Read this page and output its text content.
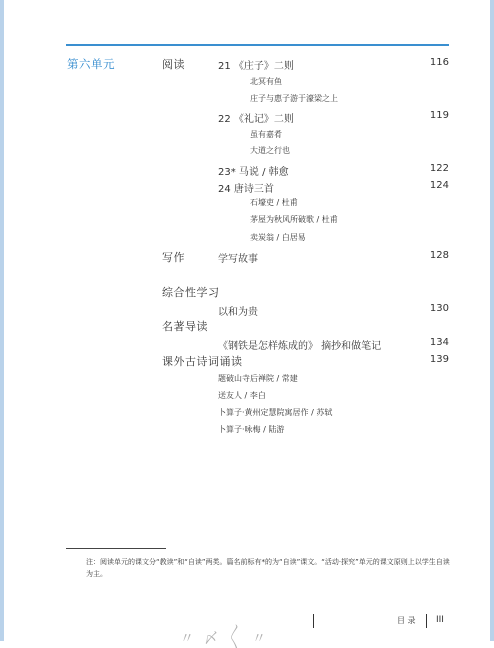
第六单元	阅读	21 《庄子》二则	116
北冥有鱼
庄子与惠子游于濠梁之上
22 《礼记》二则	119
虽有嘉肴
大道之行也
23* 马说 / 韩愈	122
24 唐诗三首	124
石壕吏 / 杜甫
茅屋为秋风所破歌 / 杜甫
卖炭翁 / 白居易
写作	学写故事	128
综合性学习
以和为贵	130
名著导读
《钢铁是怎样炼成的》 摘抄和做笔记	134
课外古诗词诵读	139
题破山寺后禅院 / 常建
送友人 / 李白
卜算子·黄州定慧院寓居作 / 苏轼
卜算子·咏梅 / 陆游
注：阅读单元的课文分“教读”和“自读”两类。篇名前标有*的为“自读”课文。“活动·探究”单元的课文原则上以学生自读为主。
目 录 III
〃〆〳〵〃
